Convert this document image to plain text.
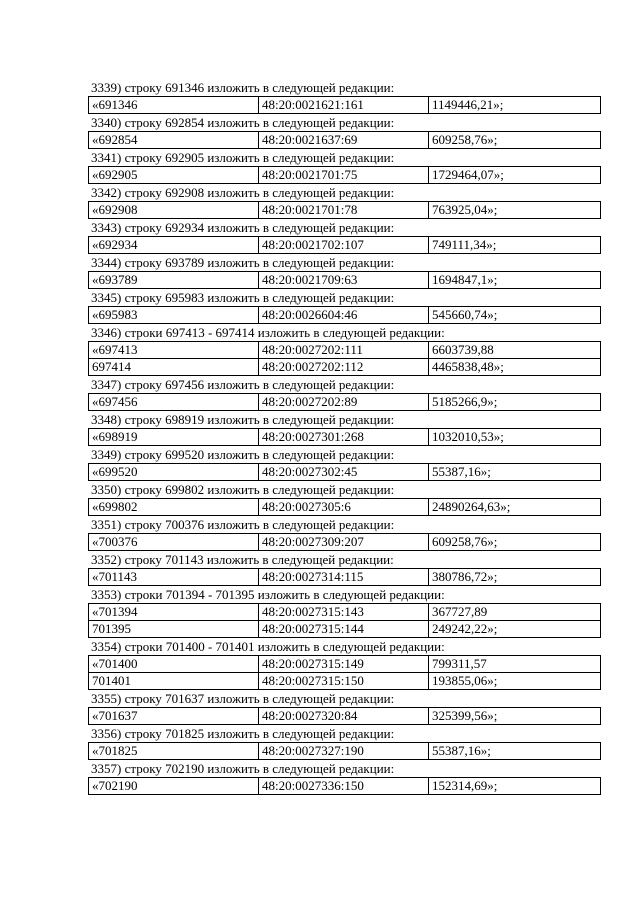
3339) строку 691346 изложить в следующей редакции:
«691346	48:20:0021621:161	1149446,21»;
3340) строку 692854 изложить в следующей редакции:
«692854	48:20:0021637:69	609258,76»;
3341) строку 692905 изложить в следующей редакции:
«692905	48:20:0021701:75	1729464,07»;
3342) строку 692908 изложить в следующей редакции:
«692908	48:20:0021701:78	763925,04»;
3343) строку 692934 изложить в следующей редакции:
«692934	48:20:0021702:107	749111,34»;
3344) строку 693789 изложить в следующей редакции:
«693789	48:20:0021709:63	1694847,1»;
3345) строку 695983 изложить в следующей редакции:
«695983	48:20:0026604:46	545660,74»;
3346) строки 697413 - 697414 изложить в следующей редакции:
«697413	48:20:0027202:111	6603739,88
697414	48:20:0027202:112	4465838,48»;
3347) строку 697456 изложить в следующей редакции:
«697456	48:20:0027202:89	5185266,9»;
3348) строку 698919 изложить в следующей редакции:
«698919	48:20:0027301:268	1032010,53»;
3349) строку 699520 изложить в следующей редакции:
«699520	48:20:0027302:45	55387,16»;
3350) строку 699802 изложить в следующей редакции:
«699802	48:20:0027305:6	24890264,63»;
3351) строку 700376 изложить в следующей редакции:
«700376	48:20:0027309:207	609258,76»;
3352) строку 701143 изложить в следующей редакции:
«701143	48:20:0027314:115	380786,72»;
3353) строки 701394 - 701395 изложить в следующей редакции:
«701394	48:20:0027315:143	367727,89
701395	48:20:0027315:144	249242,22»;
3354) строки 701400 - 701401 изложить в следующей редакции:
«701400	48:20:0027315:149	799311,57
701401	48:20:0027315:150	193855,06»;
3355) строку 701637 изложить в следующей редакции:
«701637	48:20:0027320:84	325399,56»;
3356) строку 701825 изложить в следующей редакции:
«701825	48:20:0027327:190	55387,16»;
3357) строку 702190 изложить в следующей редакции:
«702190	48:20:0027336:150	152314,69»;
